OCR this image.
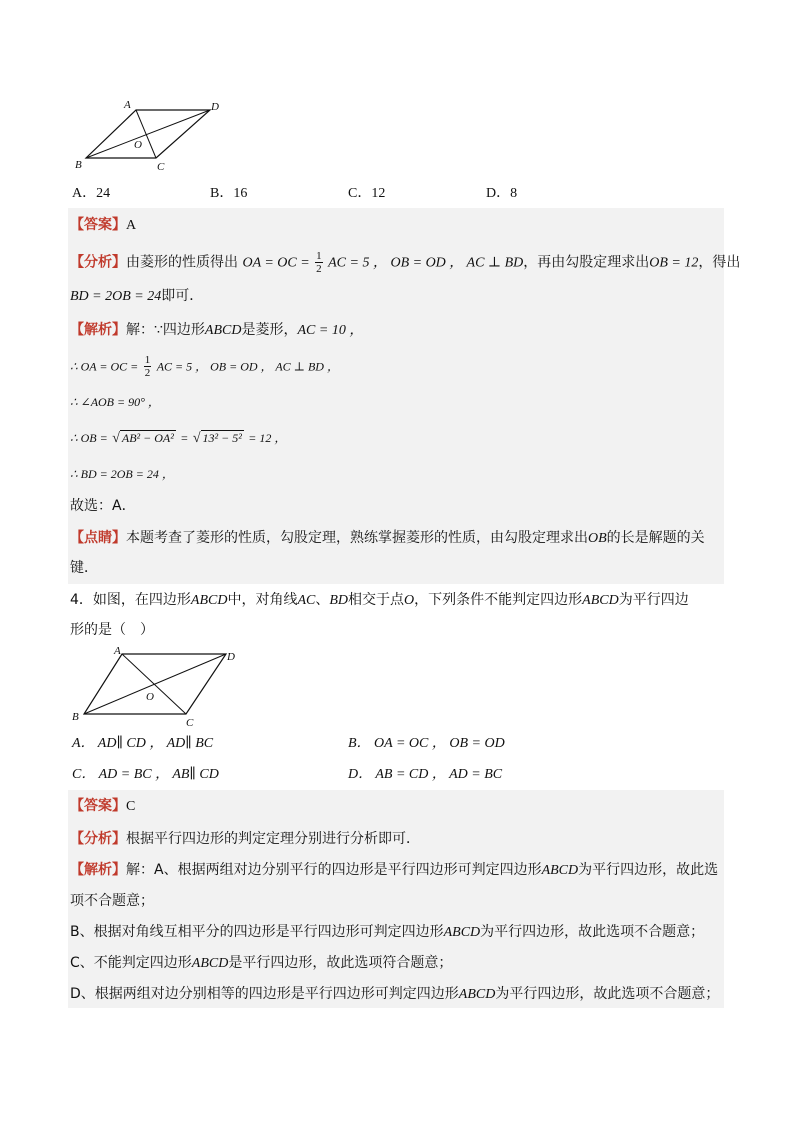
A	D
B	C
O
A．24	B．16	C．12	D．8
【答案】A
【分析】由菱形的性质得出 OA = OC = $\frac{1}{2}$ AC = 5 ， OB = OD ， AC ⊥ BD，再由勾股定理求出OB = 12，得出
BD = 2OB = 24即可．
【解析】解：∵四边形ABCD是菱形，AC = 10 ，
∴ OA = OC = $\frac{1}{2}$ AC = 5 ， OB = OD ， AC ⊥ BD ，
∴ ∠AOB = 90° ，
∴ OB = √ AB² − OA² = √ 13² − 5² = 12 ，
∴ BD = 2OB = 24 ，
故选：A．
【点睛】本题考查了菱形的性质，勾股定理，熟练掌握菱形的性质，由勾股定理求出OB的长是解题的关
键．
4．如图，在四边形ABCD中，对角线AC、BD相交于点O，下列条件不能判定四边形ABCD为平行四边
形的是（　）
A	D
B	C
O
A． AD∥ CD ， AD∥ BC	B． OA = OC ， OB = OD
C． AD = BC ， AB∥ CD	D． AB = CD ， AD = BC
【答案】C
【分析】根据平行四边形的判定定理分别进行分析即可．
【解析】解：A、根据两组对边分别平行的四边形是平行四边形可判定四边形ABCD为平行四边形，故此选
项不合题意；
B、根据对角线互相平分的四边形是平行四边形可判定四边形ABCD为平行四边形，故此选项不合题意；
C、不能判定四边形ABCD是平行四边形，故此选项符合题意；
D、根据两组对边分别相等的四边形是平行四边形可判定四边形ABCD为平行四边形，故此选项不合题意；
